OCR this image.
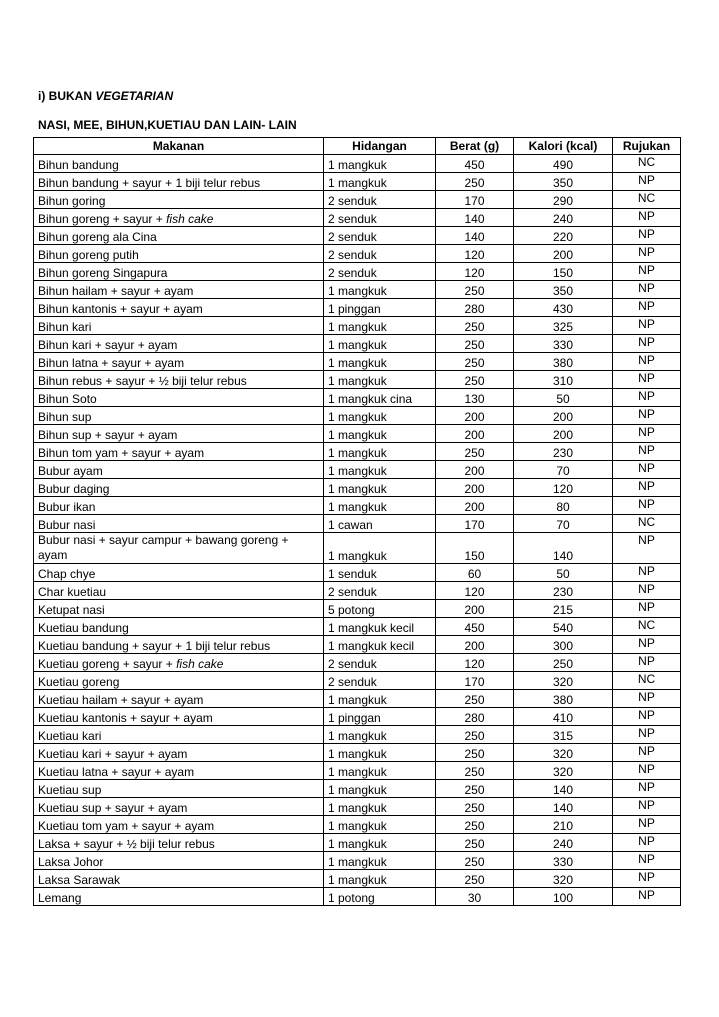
i) BUKAN VEGETARIAN
NASI, MEE, BIHUN,KUETIAU DAN LAIN- LAIN
Makanan	Hidangan	Berat (g)	Kalori (kcal)	Rujukan
Bihun bandung	1 mangkuk	450	490	NC
Bihun bandung + sayur + 1 biji telur rebus	1 mangkuk	250	350	NP
Bihun goring	2 senduk	170	290	NC
Bihun goreng + sayur + fish cake	2 senduk	140	240	NP
Bihun goreng ala Cina	2 senduk	140	220	NP
Bihun goreng putih	2 senduk	120	200	NP
Bihun goreng Singapura	2 senduk	120	150	NP
Bihun hailam + sayur + ayam	1 mangkuk	250	350	NP
Bihun kantonis + sayur + ayam	1 pinggan	280	430	NP
Bihun kari	1 mangkuk	250	325	NP
Bihun kari + sayur + ayam	1 mangkuk	250	330	NP
Bihun latna + sayur + ayam	1 mangkuk	250	380	NP
Bihun rebus + sayur + ½ biji telur rebus	1 mangkuk	250	310	NP
Bihun Soto	1 mangkuk cina	130	50	NP
Bihun sup	1 mangkuk	200	200	NP
Bihun sup + sayur + ayam	1 mangkuk	200	200	NP
Bihun tom yam + sayur + ayam	1 mangkuk	250	230	NP
Bubur ayam	1 mangkuk	200	70	NP
Bubur daging	1 mangkuk	200	120	NP
Bubur ikan	1 mangkuk	200	80	NP
Bubur nasi	1 cawan	170	70	NC
Bubur nasi + sayur campur + bawang goreng + ayam	1 mangkuk	150	140	NP
Chap chye	1 senduk	60	50	NP
Char kuetiau	2 senduk	120	230	NP
Ketupat nasi	5 potong	200	215	NP
Kuetiau bandung	1 mangkuk kecil	450	540	NC
Kuetiau bandung + sayur + 1 biji telur rebus	1 mangkuk kecil	200	300	NP
Kuetiau goreng + sayur + fish cake	2 senduk	120	250	NP
Kuetiau goreng	2 senduk	170	320	NC
Kuetiau hailam + sayur + ayam	1 mangkuk	250	380	NP
Kuetiau kantonis + sayur + ayam	1 pinggan	280	410	NP
Kuetiau kari	1 mangkuk	250	315	NP
Kuetiau kari + sayur + ayam	1 mangkuk	250	320	NP
Kuetiau latna + sayur + ayam	1 mangkuk	250	320	NP
Kuetiau sup	1 mangkuk	250	140	NP
Kuetiau sup + sayur + ayam	1 mangkuk	250	140	NP
Kuetiau tom yam + sayur + ayam	1 mangkuk	250	210	NP
Laksa + sayur + ½ biji telur rebus	1 mangkuk	250	240	NP
Laksa Johor	1 mangkuk	250	330	NP
Laksa Sarawak	1 mangkuk	250	320	NP
Lemang	1 potong	30	100	NP
